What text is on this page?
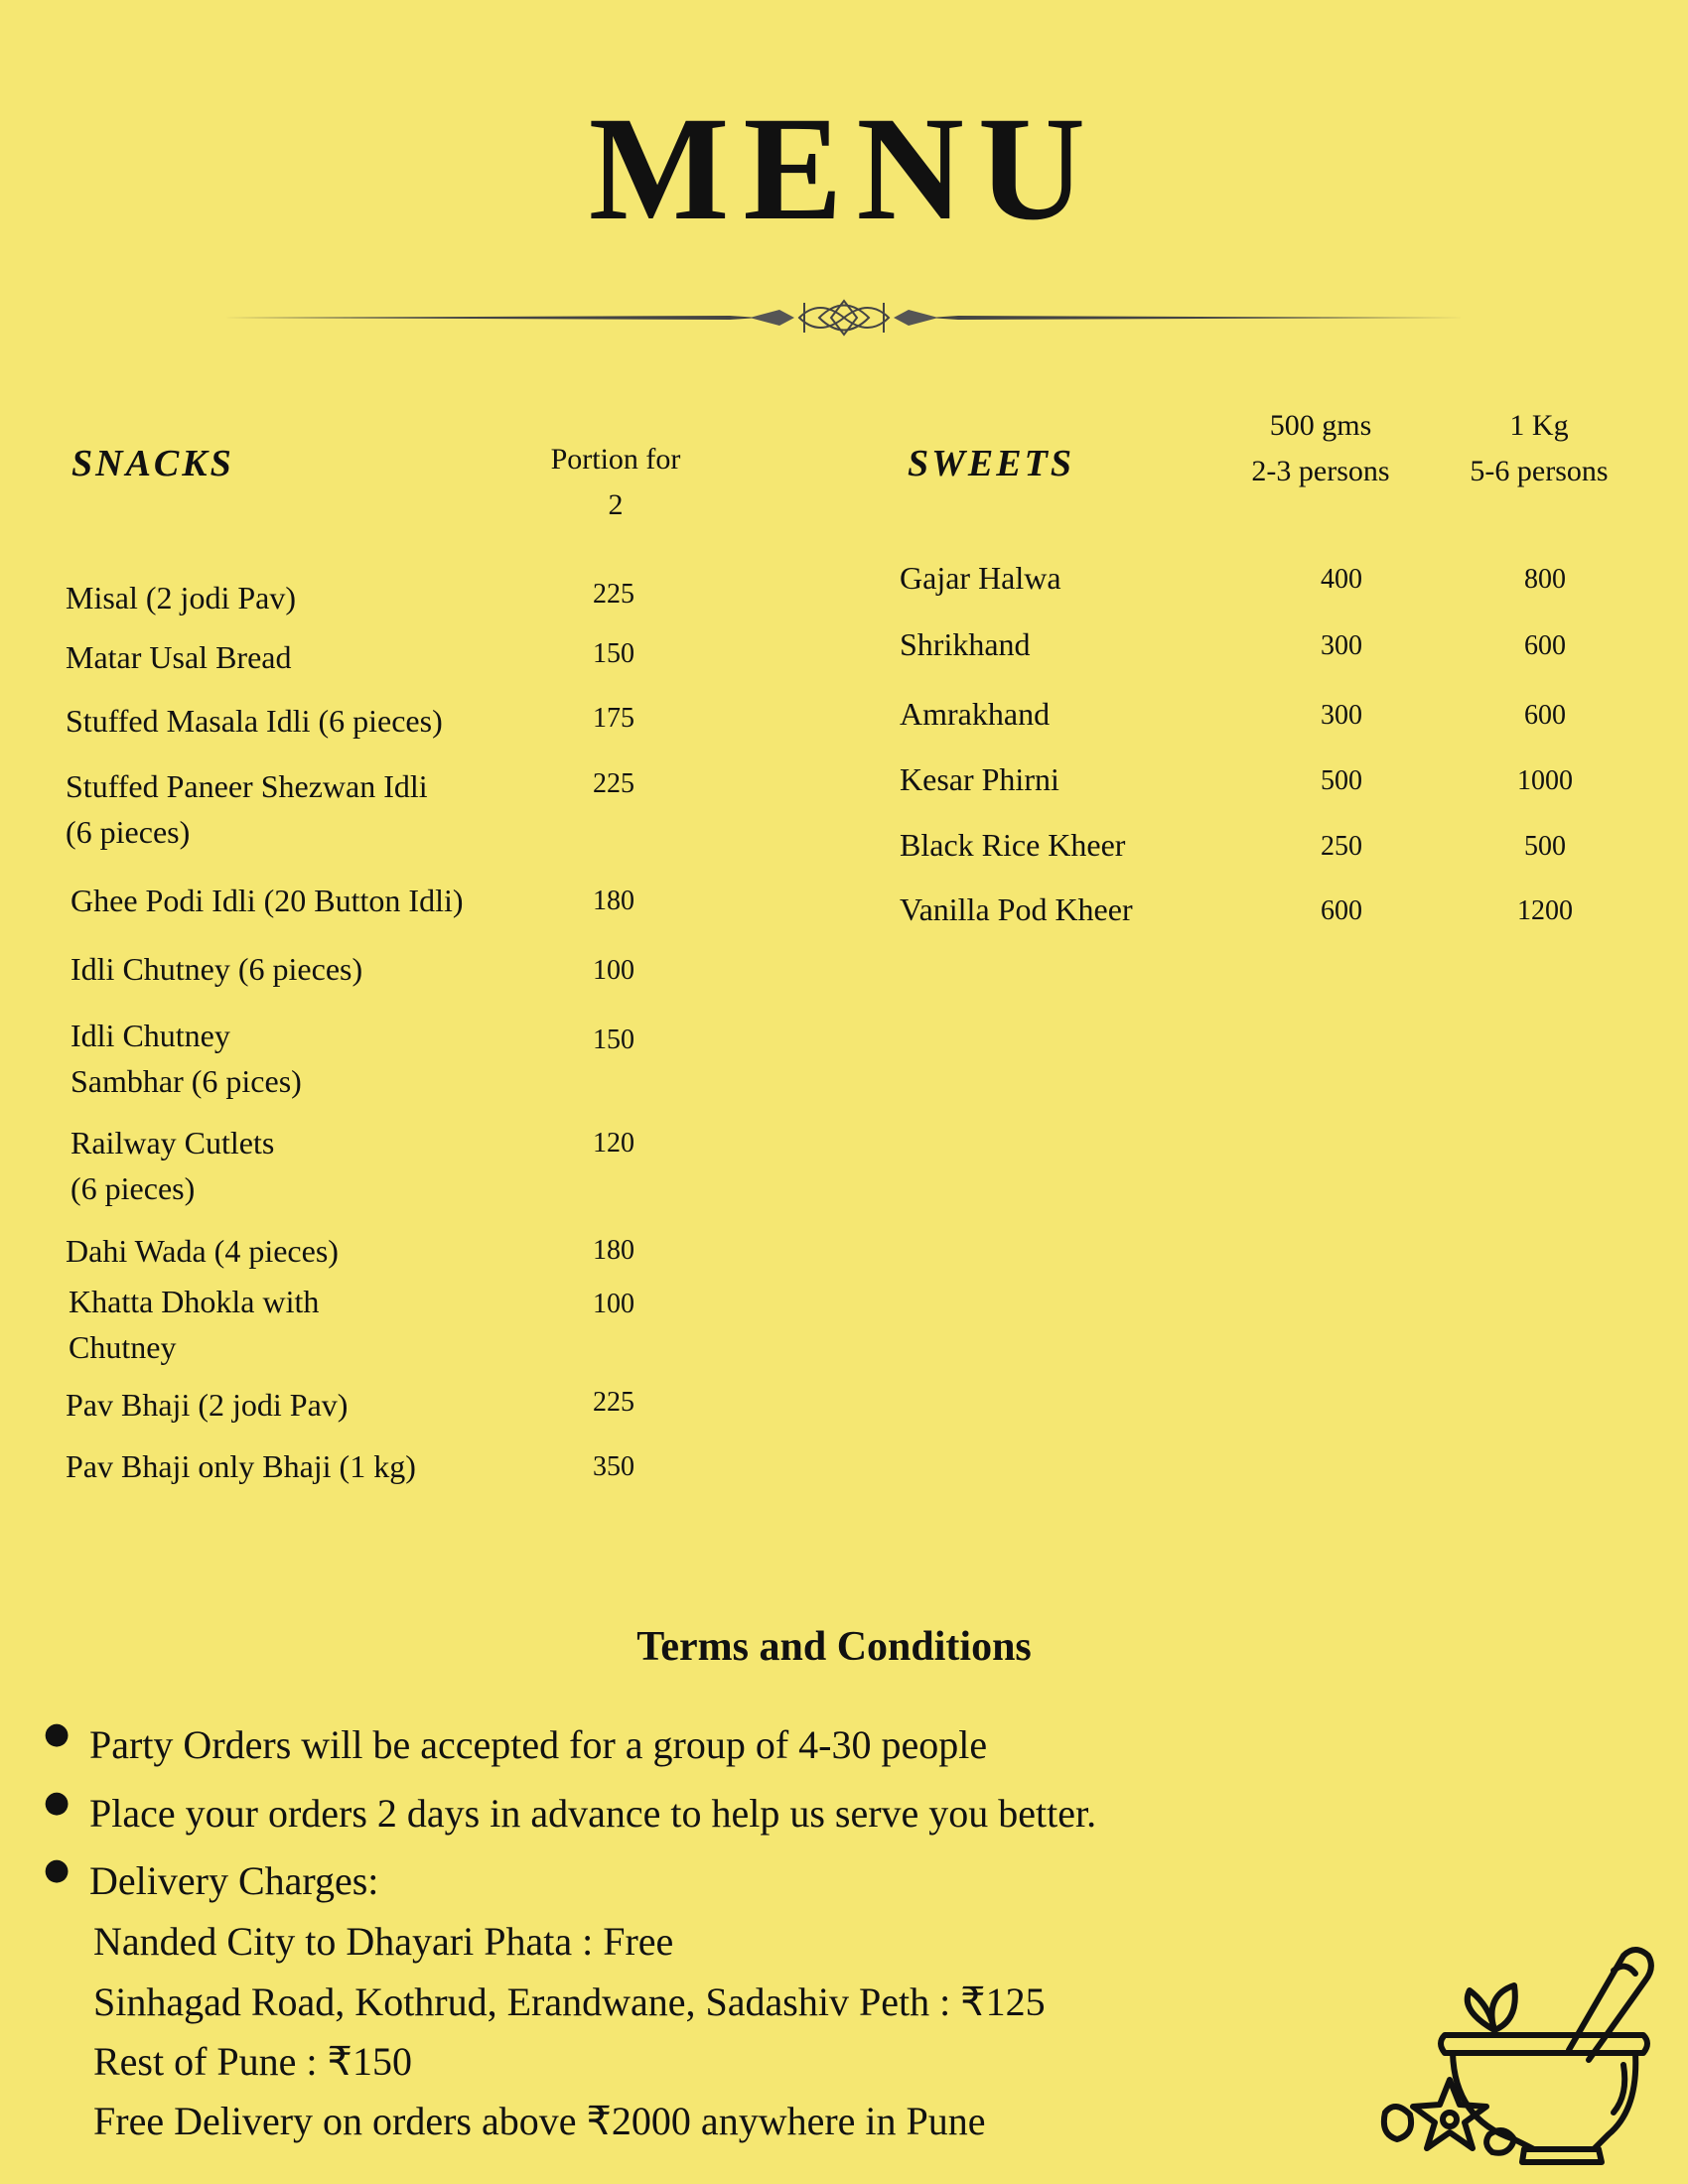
MENU
SNACKS	Portion for
2
Misal (2 jodi Pav)	225
Matar Usal Bread	150
Stuffed Masala Idli (6 pieces)	175
Stuffed Paneer Shezwan Idli
(6 pieces)
225
Ghee Podi Idli (20 Button Idli)	180
Idli Chutney (6 pieces)	100
Idli Chutney
Sambhar (6 pices)
150
Railway Cutlets
(6 pieces)
120
Dahi Wada (4 pieces)	180
Khatta Dhokla with
Chutney
100
Pav Bhaji (2 jodi Pav)	225
Pav Bhaji only Bhaji (1 kg)	350
SWEETS
500 gms
2-3 persons
1 Kg
5-6 persons
Gajar Halwa	400	800
Shrikhand	300	600
Amrakhand	300	600
Kesar Phirni	500	1000
Black Rice Kheer	250	500
Vanilla Pod Kheer	600	1200
Terms and Conditions
● Party Orders will be accepted for a group of 4-30 people
● Place your orders 2 days in advance to help us serve you better.
● Delivery Charges:
Nanded City to Dhayari Phata : Free
Sinhagad Road, Kothrud, Erandwane, Sadashiv Peth : ₹125
Rest of Pune : ₹150
Free Delivery on orders above ₹2000 anywhere in Pune
